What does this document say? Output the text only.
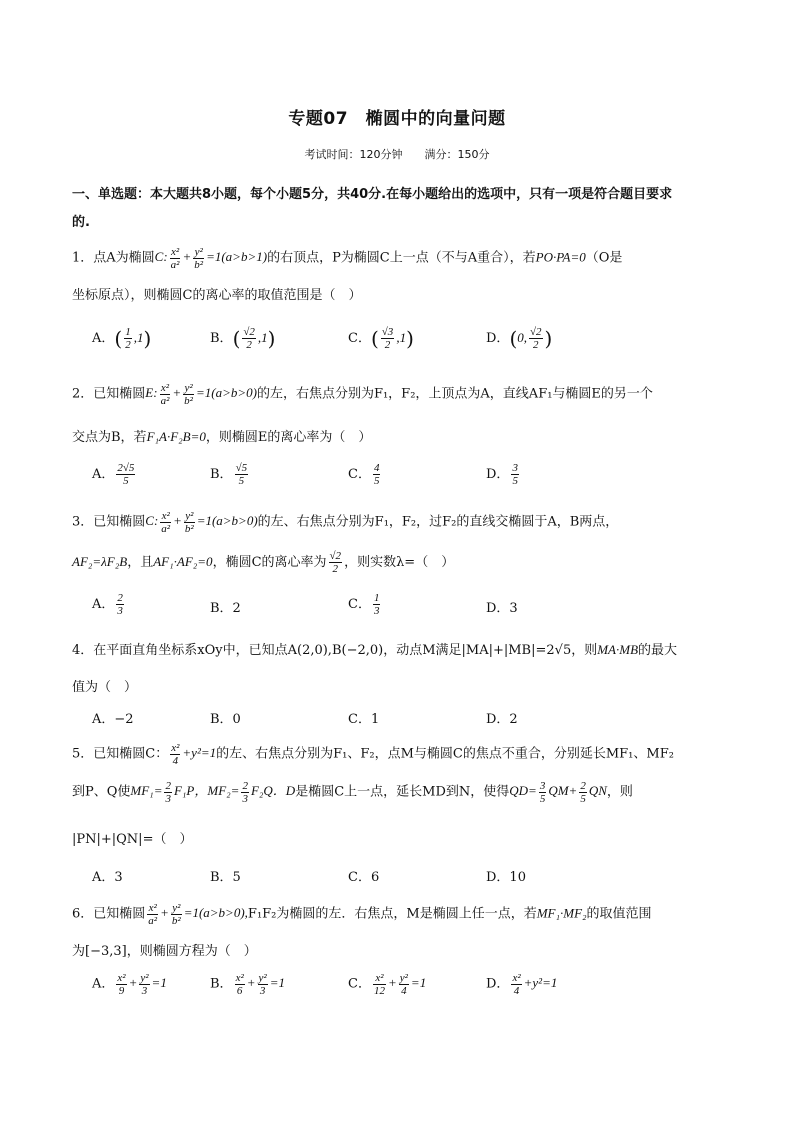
专题07　椭圆中的向量问题
考试时间：120分钟　　满分：150分
一、单选题：本大题共8小题，每个小题5分，共40分.在每小题给出的选项中，只有一项是符合题目要求
的.
1．点A为椭圆C: $\frac{\text{x²}}{\text{a²}} + \frac{\text{y²}}{\text{b²}} =1(a>b>1)$的右顶点，P为椭圆C上一点（不与A重合），若PO·PA=0（O是
坐标原点），则椭圆C的离心率的取值范围是（　）
A．( $\frac{1}{2} ,1$)	B．( $\frac{√2}{2} ,1$)	C．( $\frac{√3}{2} ,1$)	D．(0, $\frac{√2}{2}$ )
2．已知椭圆E: $\frac{\text{x²}}{\text{a²}} + \frac{\text{y²}}{\text{b²}} =1(a>b>0)$的左，右焦点分别为F₁，F₂，上顶点为A，直线AF₁与椭圆E的另一个
交点为B，若F₁A·F₂B=0，则椭圆E的离心率为（　）
A． $\frac{2√5}{5}$	B． $\frac{√5}{5}$	C． $\frac{4}{5}$	D． $\frac{3}{5}$
3．已知椭圆C: $\frac{\text{x²}}{\text{a²}} + \frac{\text{y²}}{\text{b²}} =1(a>b>0)$的左、右焦点分别为F₁，F₂，过F₂的直线交椭圆于A，B两点，
AF₂=λF₂B，且AF₁·AF₂=0，椭圆C的离心率为 $\frac{√2}{2}$ ，则实数λ=（　）
A． $\frac{2}{3}$	B．2	C． $\frac{1}{3}$	D．3
4．在平面直角坐标系xOy中，已知点A(2,0),B(−2,0)，动点M满足|MA|+|MB|=2√5，则MA·MB的最大
值为（　）
A．−2	B．0	C．1	D．2
5．已知椭圆C： $\frac{\text{x²}}{4} +y^2=1$的左、右焦点分别为F₁、F₂，点M与椭圆C的焦点不重合，分别延长MF₁、MF₂
到P、Q使$MF_1= \frac{2}{3} F_1P$，$MF_2= \frac{2}{3} F_2Q$．D是椭圆C上一点，延长MD到N，使得$QD= \frac{3}{5} QM+ \frac{2}{5}$ QN，则
|PN|+|QN|=（　）
A．3	B．5	C．6	D．10
6．已知椭圆 $\frac{\text{x²}}{\text{a²}} + \frac{\text{y²}}{\text{b²}} =1(a>b>0),F_1F_2$为椭圆的左．右焦点，M是椭圆上任一点，若MF₁·MF₂的取值范围
为[−3,3]，则椭圆方程为（　）
A． $\frac{\text{x²}}{9} + \frac{\text{y²}}{3} =1$	B． $\frac{\text{x²}}{6} + \frac{\text{y²}}{3} =1$	C． $\frac{\text{x²}}{12} + \frac{\text{y²}}{4} =1$	D． $\frac{\text{x²}}{4} +y^2=1$
